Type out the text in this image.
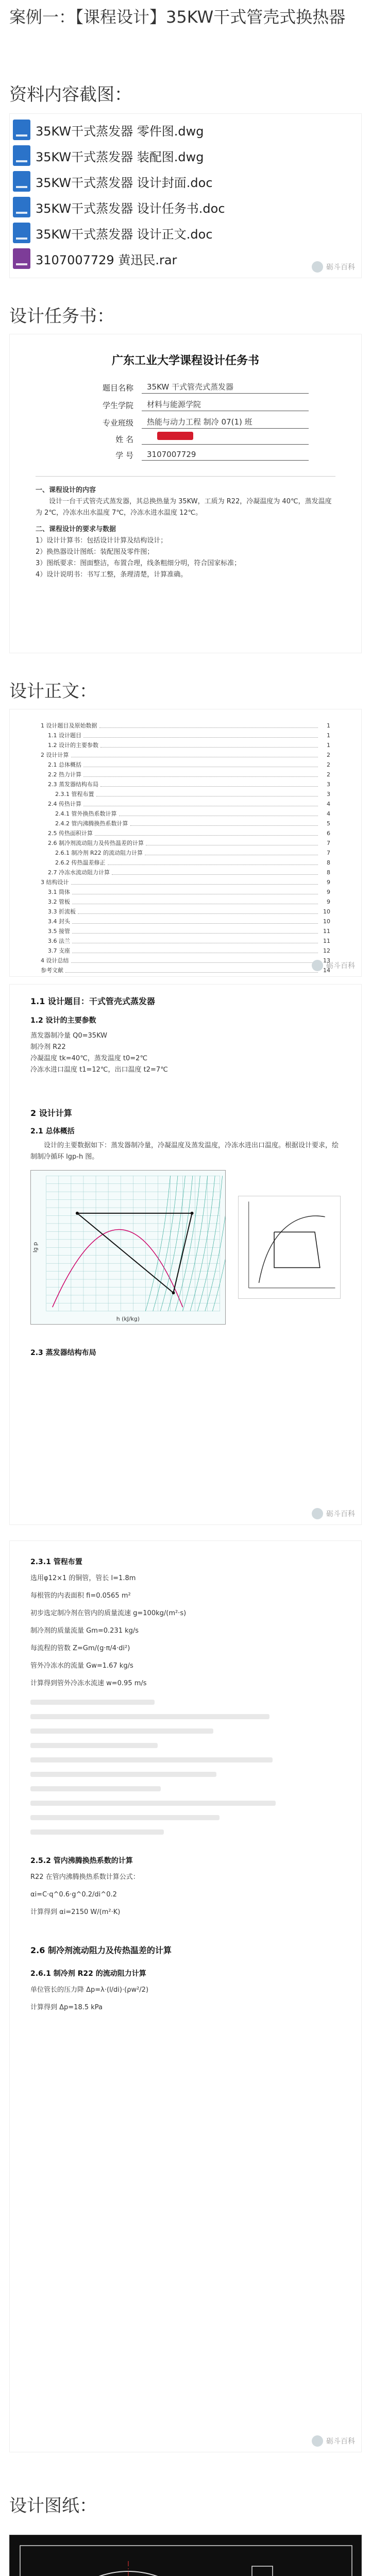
案例一：【课程设计】35KW干式管壳式换热器
资料内容截图：
35KW干式蒸发器 零件图.dwg
35KW干式蒸发器 装配图.dwg
35KW干式蒸发器 设计封面.doc
35KW干式蒸发器 设计任务书.doc
35KW干式蒸发器 设计正文.doc
3107007729 黄迅民.rar
砺斗百科
设计任务书：
广东工业大学课程设计任务书
题目名称	35KW 干式管壳式蒸发器
学生学院	材料与能源学院
专业班级	热能与动力工程 制冷 07(1) 班
姓 名

学 号	3107007729
一、课程设计的内容
设计一台干式管壳式蒸发器，其总换热量为 35KW，工质为 R22，冷凝温度为 40℃，蒸发温度为 2℃，冷冻水出水温度 7℃，冷冻水进水温度 12℃。
二、课程设计的要求与数据
1）设计计算书：包括设计计算及结构设计；
2）换热器设计图纸：装配图及零件图；
3）图纸要求：图面整洁，布置合理，线条粗细分明，符合国家标准；
4）设计说明书：书写工整，条理清楚，计算准确。
设计正文：
1 设计题目及原始数据	1
1.1 设计题目	1
1.2 设计的主要参数	1
2 设计计算	2
2.1 总体概括	2
2.2 热力计算	2
2.3 蒸发器结构布局	3
2.3.1 管程布置	3
2.4 传热计算	4
2.4.1 管外换热系数计算	4
2.4.2 管内沸腾换热系数计算	5
2.5 传热面积计算	6
2.6 制冷剂流动阻力及传热温差的计算	7
2.6.1 制冷剂 R22 的流动阻力计算	7
2.6.2 传热温差修正	8
2.7 冷冻水流动阻力计算	8
3 结构设计	9
3.1 筒体	9
3.2 管板	9
3.3 折流板	10
3.4 封头	10
3.5 接管	11
3.6 法兰	11
3.7 支座	12
4 设计总结	13
参考文献	14
砺斗百科
1.1 设计题目：干式管壳式蒸发器
1.2 设计的主要参数
蒸发器制冷量 Q0=35KW
制冷剂 R22
冷凝温度 tk=40℃，蒸发温度 t0=2℃
冷冻水进口温度 t1=12℃，出口温度 t2=7℃
2 设计计算
2.1 总体概括
设计的主要数据如下：蒸发器制冷量，冷凝温度及蒸发温度，冷冻水进出口温度。根据设计要求，绘制制冷循环 lgp-h 图。
h (kJ/kg)
lg p
2.3 蒸发器结构布局
砺斗百科
2.3.1 管程布置
选用φ12×1 的铜管，管长 l=1.8m
每根管的内表面积 fi=0.0565 m²
初步选定制冷剂在管内的质量流速 g=100kg/(m²·s)
制冷剂的质量流量 Gm=0.231 kg/s
每流程的管数 Z=Gm/(g·π/4·di²)
管外冷冻水的流量 Gw=1.67 kg/s
计算得到管外冷冻水流速 w=0.95 m/s
2.5.2 管内沸腾换热系数的计算
R22 在管内沸腾换热系数计算公式：
αi=C·q^0.6·g^0.2/di^0.2
计算得到 αi=2150 W/(m²·K)
2.6 制冷剂流动阻力及传热温差的计算
2.6.1 制冷剂 R22 的流动阻力计算
单位管长的压力降 Δp=λ·(l/di)·(ρw²/2)
计算得到 Δp=18.5 kPa
砺斗百科
设计图纸：
